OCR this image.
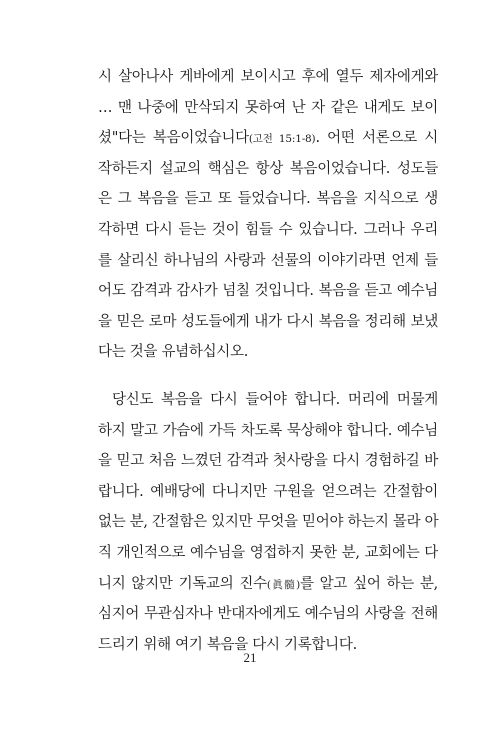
시 살아나사 게바에게 보이시고 후에 열두 제자에게와
… 맨 나중에 만삭되지 못하여 난 자 같은 내게도 보이
셨"다는 복음이었습니다(고전 15:1-8). 어떤 서론으로 시
작하든지 설교의 핵심은 항상 복음이었습니다. 성도들
은 그 복음을 듣고 또 들었습니다. 복음을 지식으로 생
각하면 다시 듣는 것이 힘들 수 있습니다. 그러나 우리
를 살리신 하나님의 사랑과 선물의 이야기라면 언제 들
어도 감격과 감사가 넘칠 것입니다. 복음을 듣고 예수님
을 믿은 로마 성도들에게 내가 다시 복음을 정리해 보냈
다는 것을 유념하십시오.
당신도 복음을 다시 들어야 합니다. 머리에 머물게
하지 말고 가슴에 가득 차도록 묵상해야 합니다. 예수님
을 믿고 처음 느꼈던 감격과 첫사랑을 다시 경험하길 바
랍니다. 예배당에 다니지만 구원을 얻으려는 간절함이
없는 분, 간절함은 있지만 무엇을 믿어야 하는지 몰라 아
직 개인적으로 예수님을 영접하지 못한 분, 교회에는 다
니지 않지만 기독교의 진수(眞髓)를 알고 싶어 하는 분,
심지어 무관심자나 반대자에게도 예수님의 사랑을 전해
드리기 위해 여기 복음을 다시 기록합니다.
21
